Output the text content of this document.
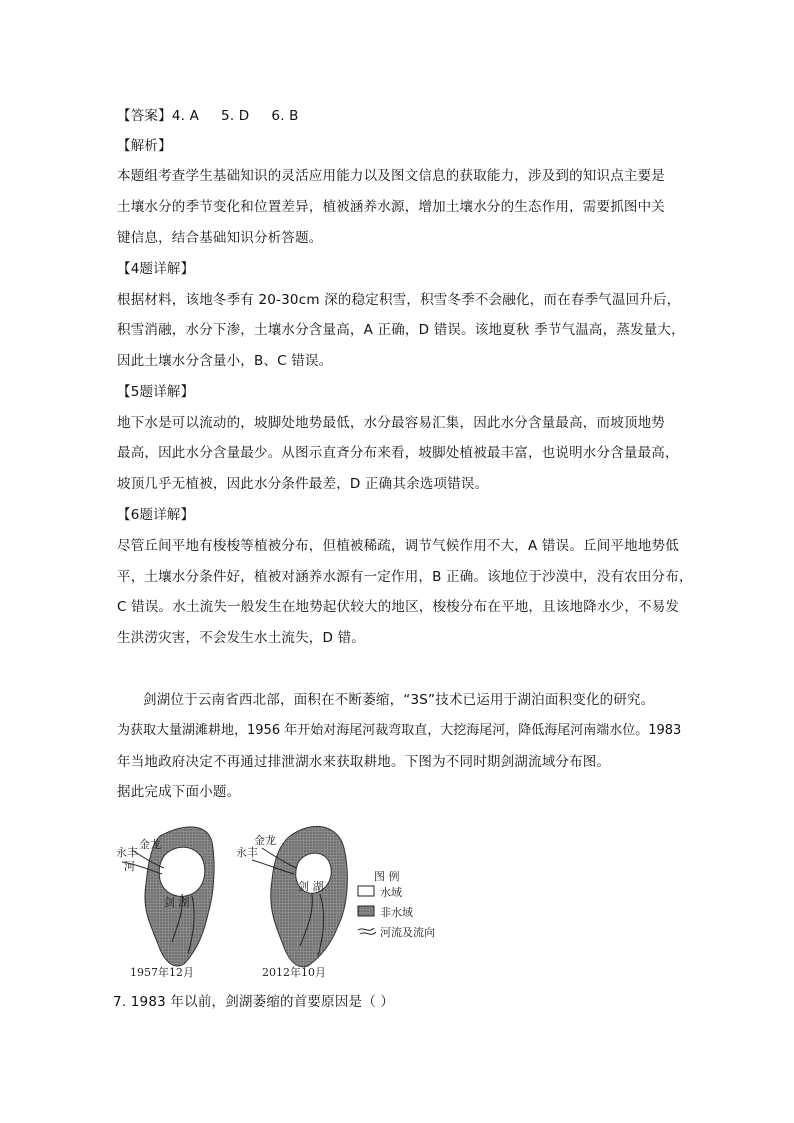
【答案】4. A 5. D 6. B
【解析】
本题组考查学生基础知识的灵活应用能力以及图文信息的获取能力，涉及到的知识点主要是
土壤水分的季节变化和位置差异，植被涵养水源，增加土壤水分的生态作用，需要抓图中关
键信息，结合基础知识分析答题。
【4题详解】
根据材料，该地冬季有 20-30cm 深的稳定积雪，积雪冬季不会融化，而在春季气温回升后，
积雪消融，水分下渗，土壤水分含量高，A 正确，D 错误。该地夏秋 季节气温高，蒸发量大，
因此土壤水分含量小，B、C 错误。
【5题详解】
地下水是可以流动的，坡脚处地势最低，水分最容易汇集，因此水分含量最高，而坡顶地势
最高，因此水分含量最少。从图示直斉分布来看，坡脚处植被最丰富，也说明水分含量最高，
坡顶几乎无植被，因此水分条件最差，D 正确其余选项错误。
【6题详解】
尽管丘间平地有梭梭等植被分布，但植被稀疏，调节气候作用不大，A 错误。丘间平地地势低
平，土壤水分条件好，植被对涵养水源有一定作用，B 正确。该地位于沙漠中，没有农田分布，
C 错误。水土流失一般发生在地势起伏较大的地区，梭梭分布在平地，且该地降水少，不易发
生洪涝灾害，不会发生水土流失，D 错。
剑湖位于云南省西北部，面积在不断萎缩，“3S”技术已运用于湖泊面积变化的研究。
为获取大量湖滩耕地，1956 年开始对海尾河裁弯取直，大挖海尾河，降低海尾河南端水位。1983
年当地政府决定不再通过排泄湖水来获取耕地。下图为不同时期剑湖流域分布图。
据此完成下面小题。
金龙
永丰
河
剑 湖
金龙
永丰
剑 湖
1957年12月	2012年10月
图 例
水域
非水域
河流及流向
7. 1983 年以前，剑湖萎缩的首要原因是（ ）
